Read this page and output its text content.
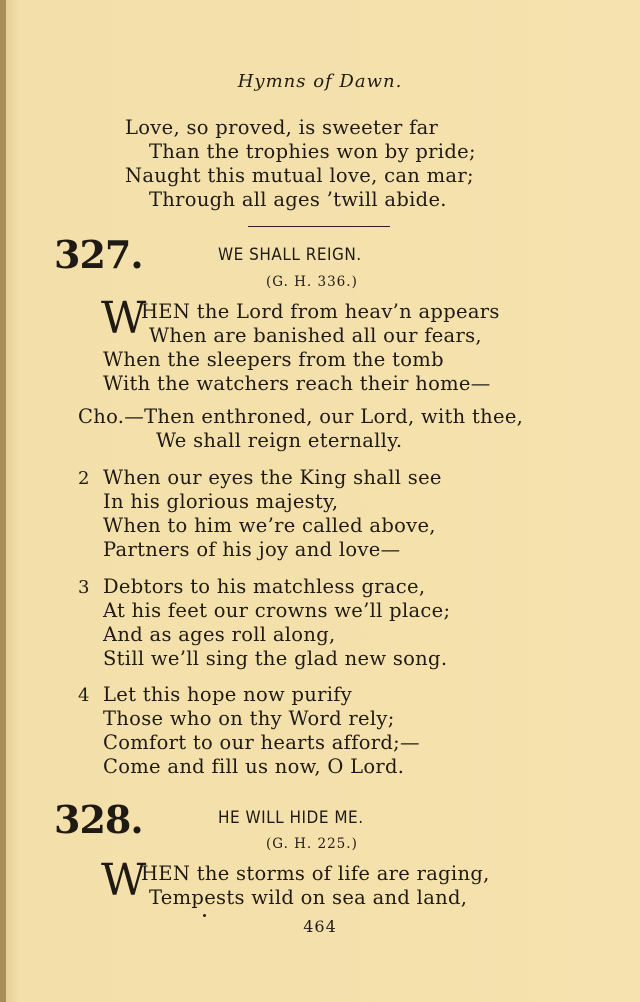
Hymns of Dawn.
Love, so proved, is sweeter far
Than the trophies won by pride;
Naught this mutual love, can mar;
Through all ages ’twill abide.
327.	WE SHALL REIGN.
(G. H. 336.)
W
HEN the Lord from heav’n appears
When are banished all our fears,
When the sleepers from the tomb
With the watchers reach their home—
Cho.—Then enthroned, our Lord, with thee,
We shall reign eternally.
2 When our eyes the King shall see
In his glorious majesty,
When to him we’re called above,
Partners of his joy and love—
3 Debtors to his matchless grace,
At his feet our crowns we’ll place;
And as ages roll along,
Still we’ll sing the glad new song.
4 Let this hope now purify
Those who on thy Word rely;
Comfort to our hearts afford;—
Come and fill us now, O Lord.
328.	HE WILL HIDE ME.
(G. H. 225.)
W
HEN the storms of life are raging,
Tempests wild on sea and land,
464
